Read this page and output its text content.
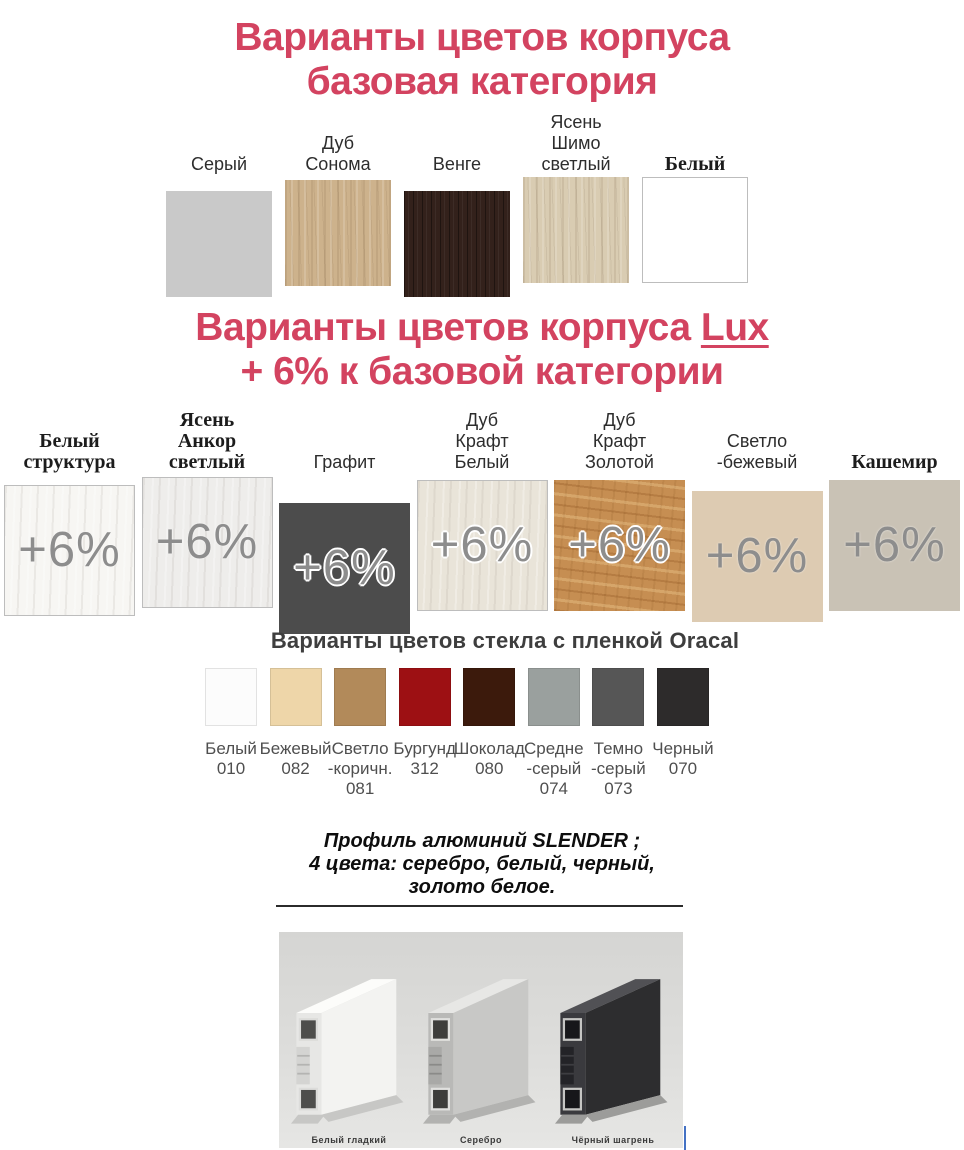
Варианты цветов корпуса
базовая категория
Серый
Дуб
Сонома	Венге
Ясень
Шимо
светлый	Белый
Варианты цветов корпуса Lux
+ 6% к базовой категории
Белый
структура
+6%
Ясень
Анкор
светлый
+6%
Графит
+6%
Дуб
Крафт
Белый
+6%
Дуб
Крафт
Золотой
+6%
Светло
-бежевый
+6%
Кашемир
+6%
Варианты цветов стекла с пленкой Oracal
Белый
010
Бежевый
082
Светло
-коричн.
081
Бургунд
312
Шоколад
080
Средне
-серый
074
Темно
-серый
073
Черный
070
Профиль алюминий SLENDER ;
4 цвета: серебро, белый, черный,
золото белое.
Белый гладкий	Серебро	Чёрный шагрень
